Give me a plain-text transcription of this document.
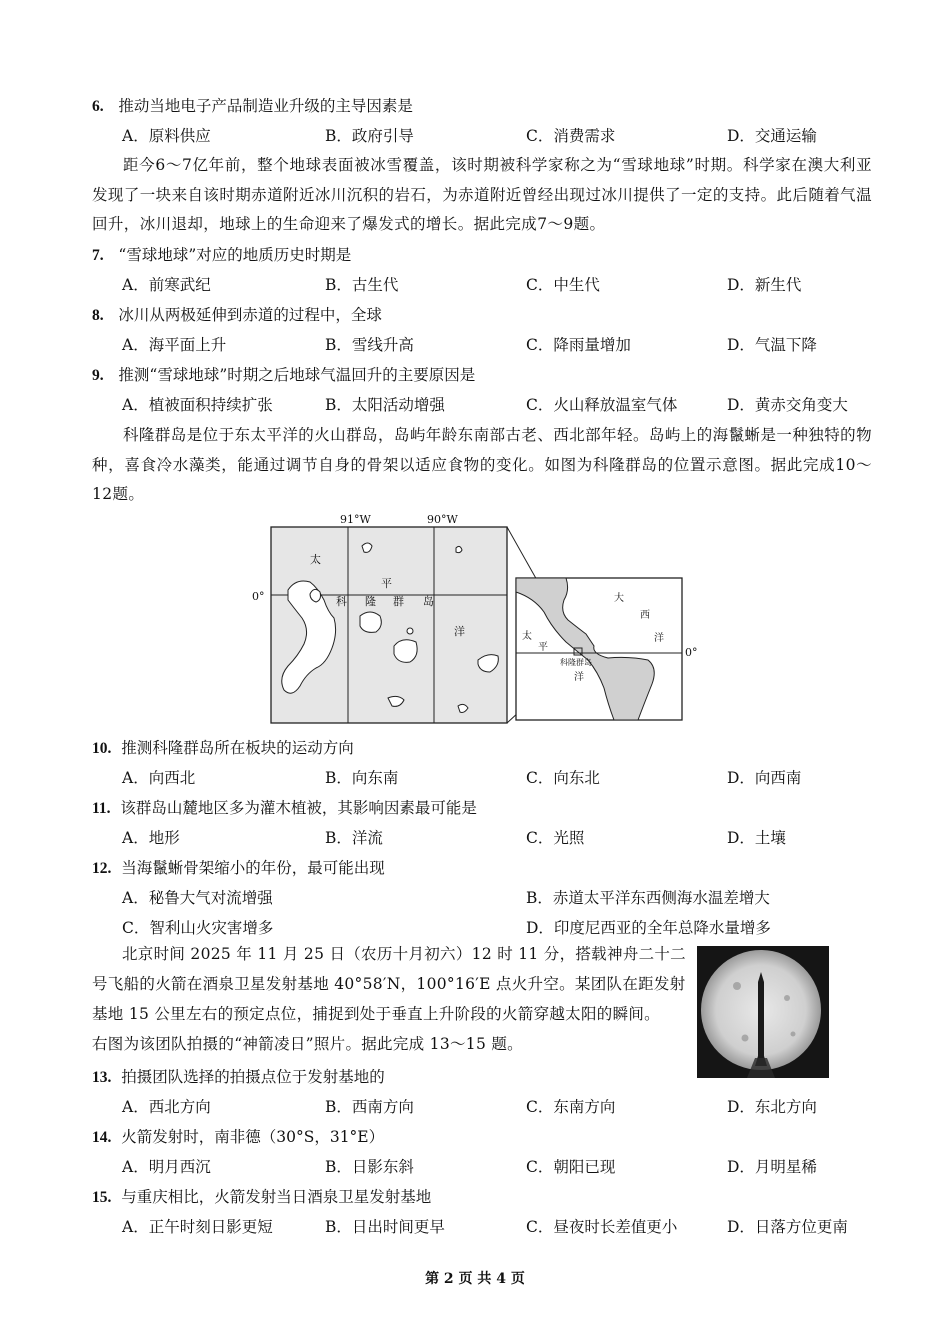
6. 推动当地电子产品制造业升级的主导因素是
A．原料供应	B．政府引导	C．消费需求	D．交通运输
距今6～7亿年前，整个地球表面被冰雪覆盖，该时期被科学家称之为“雪球地球”时期。科学家在澳大利亚发现了一块来自该时期赤道附近冰川沉积的岩石，为赤道附近曾经出现过冰川提供了一定的支持。此后随着气温回升，冰川退却，地球上的生命迎来了爆发式的增长。据此完成7～9题。
7. “雪球地球”对应的地质历史时期是
A．前寒武纪	B．古生代	C．中生代	D．新生代
8. 冰川从两极延伸到赤道的过程中，全球
A．海平面上升	B．雪线升高	C．降雨量增加	D．气温下降
9. 推测“雪球地球”时期之后地球气温回升的主要原因是
A．植被面积持续扩张	B．太阳活动增强	C．火山释放温室气体	D．黄赤交角变大
科隆群岛是位于东太平洋的火山群岛，岛屿年龄东南部古老、西北部年轻。岛屿上的海鬣蜥是一种独特的物种，喜食冷水藻类，能通过调节自身的骨架以适应食物的变化。如图为科隆群岛的位置示意图。据此完成10～12题。
91°W	90°W
0°
0°
太
平
科 隆 群 岛
洋	太
平
洋
大
西
洋
科隆群岛
10. 推测科隆群岛所在板块的运动方向
A．向西北	B．向东南	C．向东北	D．向西南
11. 该群岛山麓地区多为灌木植被，其影响因素最可能是
A．地形	B．洋流	C．光照	D．土壤
12. 当海鬣蜥骨架缩小的年份，最可能出现
A．秘鲁大气对流增强	B．赤道太平洋东西侧海水温差增大
C．智利山火灾害增多	D．印度尼西亚的全年总降水量增多
北京时间 2025 年 11 月 25 日（农历十月初六）12 时 11 分，搭载神舟二十二
号飞船的火箭在酒泉卫星发射基地 40°58′N，100°16′E 点火升空。某团队在距发射
基地 15 公里左右的预定点位，捕捉到处于垂直上升阶段的火箭穿越太阳的瞬间。
右图为该团队拍摄的“神箭凌日”照片。据此完成 13～15 题。
13. 拍摄团队选择的拍摄点位于发射基地的
A．西北方向	B．西南方向	C．东南方向	D．东北方向
14. 火箭发射时，南非德（30°S，31°E）
A．明月西沉	B．日影东斜	C．朝阳已现	D．月明星稀
15. 与重庆相比，火箭发射当日酒泉卫星发射基地
A．正午时刻日影更短	B．日出时间更早	C．昼夜时长差值更小	D．日落方位更南
第 2 页 共 4 页
